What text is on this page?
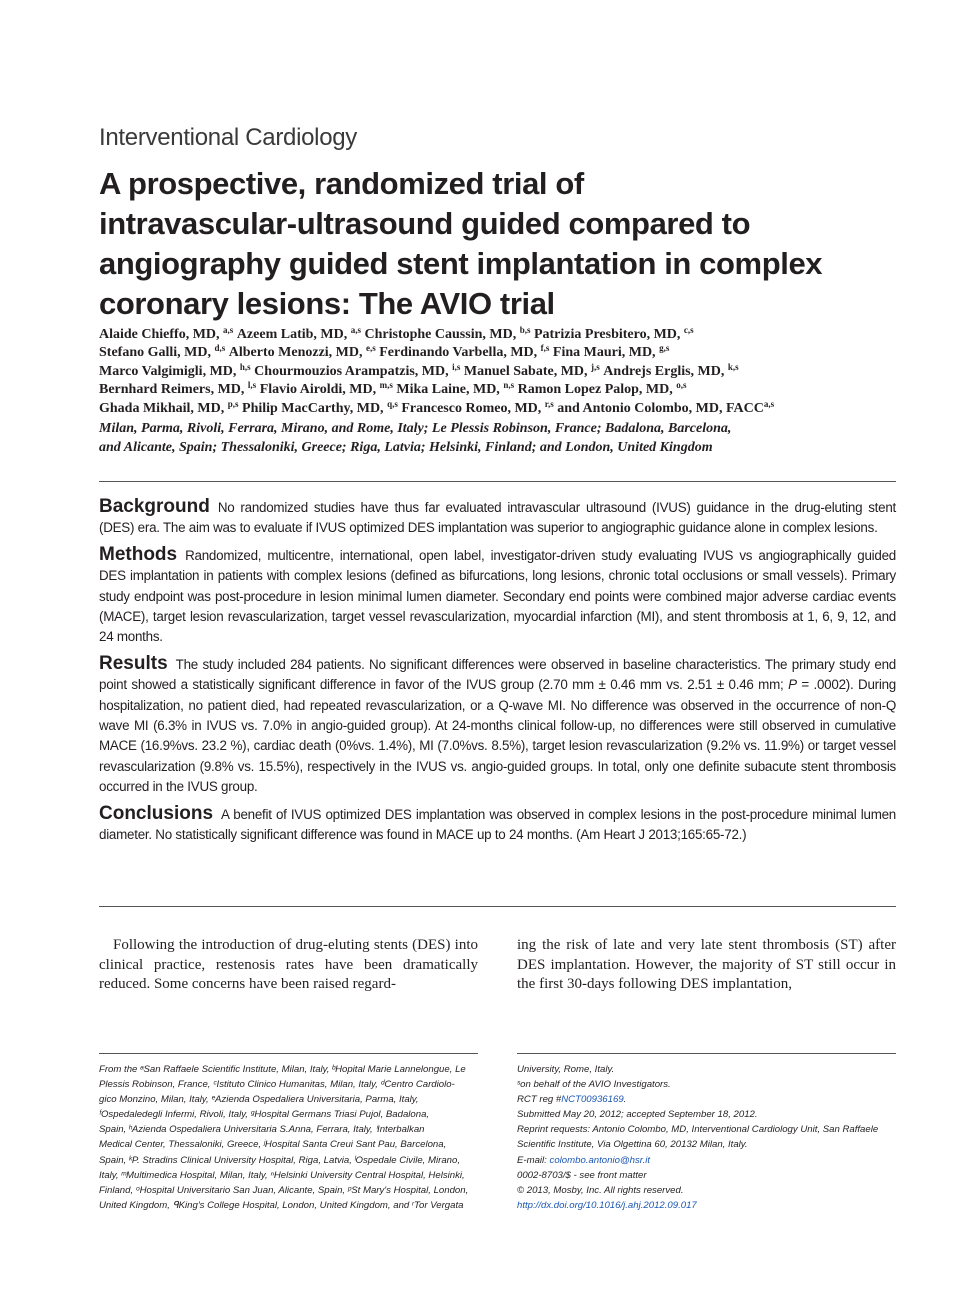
Interventional Cardiology
A prospective, randomized trial of
intravascular-ultrasound guided compared to
angiography guided stent implantation in complex
coronary lesions: The AVIO trial
Alaide Chieffo, MD, $^{a,s}$ Azeem Latib, MD, $^{a,s}$ Christophe Caussin, MD, $^{b,s}$ Patrizia Presbitero, MD, $^{c,s}$
Stefano Galli, MD, $^{d,s}$ Alberto Menozzi, MD, $^{e,s}$ Ferdinando Varbella, MD, $^{f,s}$ Fina Mauri, MD, $^{g,s}$
Marco Valgimigli, MD, $^{h,s}$ Chourmouzios Arampatzis, MD, $^{i,s}$ Manuel Sabate, MD, $^{j,s}$ Andrejs Erglis, MD, $^{k,s}$
Bernhard Reimers, MD, $^{l,s}$ Flavio Airoldi, MD, $^{m,s}$ Mika Laine, MD, $^{n,s}$ Ramon Lopez Palop, MD, $^{o,s}$
Ghada Mikhail, MD, $^{p,s}$ Philip MacCarthy, MD, $^{q,s}$ Francesco Romeo, MD, $^{r,s}$ and Antonio Colombo, MD, FACC$^{a,s}$
Milan, Parma, Rivoli, Ferrara, Mirano, and Rome, Italy; Le Plessis Robinson, France; Badalona, Barcelona,
and Alicante, Spain; Thessaloniki, Greece; Riga, Latvia; Helsinki, Finland; and London, United Kingdom

Background No randomized studies have thus far evaluated intravascular ultrasound (IVUS) guidance in the drug-eluting stent (DES) era. The aim was to evaluate if IVUS optimized DES implantation was superior to angiographic guidance alone in complex lesions.

Methods Randomized, multicentre, international, open label, investigator-driven study evaluating IVUS vs angiographically guided DES implantation in patients with complex lesions (defined as bifurcations, long lesions, chronic total occlusions or small vessels). Primary study endpoint was post-procedure in lesion minimal lumen diameter. Secondary end points were combined major adverse cardiac events (MACE), target lesion revascularization, target vessel revascularization, myocardial infarction (MI), and stent thrombosis at 1, 6, 9, 12, and 24 months.

Results The study included 284 patients. No significant differences were observed in baseline characteristics. The primary study end point showed a statistically significant difference in favor of the IVUS group (2.70 mm ± 0.46 mm vs. 2.51 ± 0.46 mm; P = .0002). During hospitalization, no patient died, had repeated revascularization, or a Q-wave MI. No difference was observed in the occurrence of non-Q wave MI (6.3% in IVUS vs. 7.0% in angio-guided group). At 24-months clinical follow-up, no differences were still observed in cumulative MACE (16.9%vs. 23.2 %), cardiac death (0%vs. 1.4%), MI (7.0%vs. 8.5%), target lesion revascularization (9.2% vs. 11.9%) or target vessel revascularization (9.8% vs. 15.5%), respectively in the IVUS vs. angio-guided groups. In total, only one definite subacute stent thrombosis occurred in the IVUS group.

Conclusions A benefit of IVUS optimized DES implantation was observed in complex lesions in the post-procedure minimal lumen diameter. No statistically significant difference was found in MACE up to 24 months. (Am Heart J 2013;165:65-72.)

Following the introduction of drug-eluting stents (DES) into clinical practice, restenosis rates have been dramatically reduced. Some concerns have been raised regard-

ing the risk of late and very late stent thrombosis (ST) after DES implantation. However, the majority of ST still occur in the first 30-days following DES implantation,

From the ᵃSan Raffaele Scientific Institute, Milan, Italy, ᵇHopital Marie Lannelongue, Le
Plessis Robinson, France, ᶜIstituto Clinico Humanitas, Milan, Italy, ᵈCentro Cardiolo-
gico Monzino, Milan, Italy, ᵉAzienda Ospedaliera Universitaria, Parma, Italy,
ᶠOspedaledegli Infermi, Rivoli, Italy, ᵍHospital Germans Triasi Pujol, Badalona,
Spain, ʰAzienda Ospedaliera Universitaria S.Anna, Ferrara, Italy, ⁱInterbalkan
Medical Center, Thessaloniki, Greece, ʲHospital Santa Creui Sant Pau, Barcelona,
Spain, ᵏP. Stradins Clinical University Hospital, Riga, Latvia, ˡOspedale Civile, Mirano,
Italy, ᵐMultimedica Hospital, Milan, Italy, ⁿHelsinki University Central Hospital, Helsinki,
Finland, ᵒHospital Universitario San Juan, Alicante, Spain, ᵖSt Mary's Hospital, London,
United Kingdom, ᑫKing's College Hospital, London, United Kingdom, and ʳTor Vergata
University, Rome, Italy.
ˢon behalf of the AVIO Investigators.
RCT reg #NCT00936169.
Submitted May 20, 2012; accepted September 18, 2012.
Reprint requests: Antonio Colombo, MD, Interventional Cardiology Unit, San Raffaele
Scientific Institute, Via Olgettina 60, 20132 Milan, Italy.
E-mail: colombo.antonio@hsr.it
0002-8703/$ - see front matter
© 2013, Mosby, Inc. All rights reserved.
http://dx.doi.org/10.1016/j.ahj.2012.09.017
